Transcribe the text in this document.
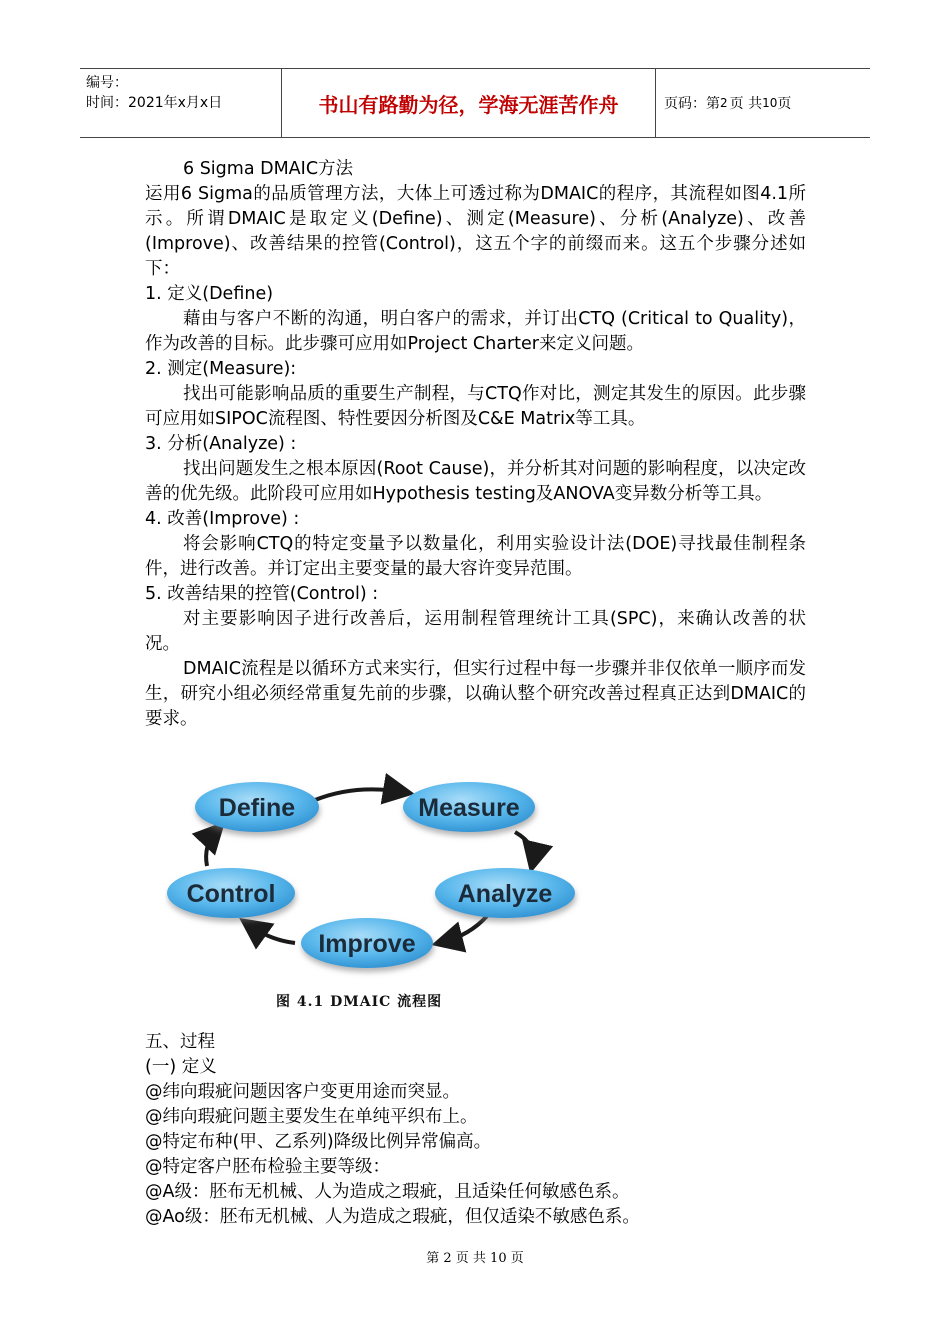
编号：
时间：2021年x月x日	书山有路勤为径，学海无涯苦作舟	页码：第 2 页 共 10 页

6 Sigma DMAIC方法

运用6 Sigma的品质管理方法，大体上可透过称为DMAIC的程序，其流程如图4.1所示。所谓DMAIC是取定义(Define)、测定(Measure)、分析(Analyze)、改善(Improve)、改善结果的控管(Control)，这五个字的前缀而来。这五个步骤分述如下：

1. 定义(Define)

藉由与客户不断的沟通，明白客户的需求，并订出CTQ (Critical to Quality)，作为改善的目标。此步骤可应用如Project Charter来定义问题。

2. 测定(Measure):

找出可能影响品质的重要生产制程，与CTQ作对比，测定其发生的原因。此步骤可应用如SIPOC流程图、特性要因分析图及C&E Matrix等工具。

3. 分析(Analyze) :

找出问题发生之根本原因(Root Cause)，并分析其对问题的影响程度，以决定改善的优先级。此阶段可应用如Hypothesis testing及ANOVA变异数分析等工具。

4. 改善(Improve) :

将会影响CTQ的特定变量予以数量化，利用实验设计法(DOE)寻找最佳制程条件，进行改善。并订定出主要变量的最大容许变异范围。

5. 改善结果的控管(Control) :

对主要影响因子进行改善后，运用制程管理统计工具(SPC)，来确认改善的状况。

DMAIC流程是以循环方式来实行，但实行过程中每一步骤并非仅依单一顺序而发生，研究小组必须经常重复先前的步骤，以确认整个研究改善过程真正达到DMAIC的要求。

Define	Measure
Analyze
Improve
Control
图 4.1 DMAIC 流程图

五、过程

(一) 定义

@纬向瑕疵问题因客户变更用途而突显。

@纬向瑕疵问题主要发生在单纯平织布上。

@特定布种(甲、乙系列)降级比例异常偏高。

@特定客户胚布检验主要等级：

@A级：胚布无机械、人为造成之瑕疵，且适染任何敏感色系。

@Ao级：胚布无机械、人为造成之瑕疵，但仅适染不敏感色系。

第 2 页 共 10 页
